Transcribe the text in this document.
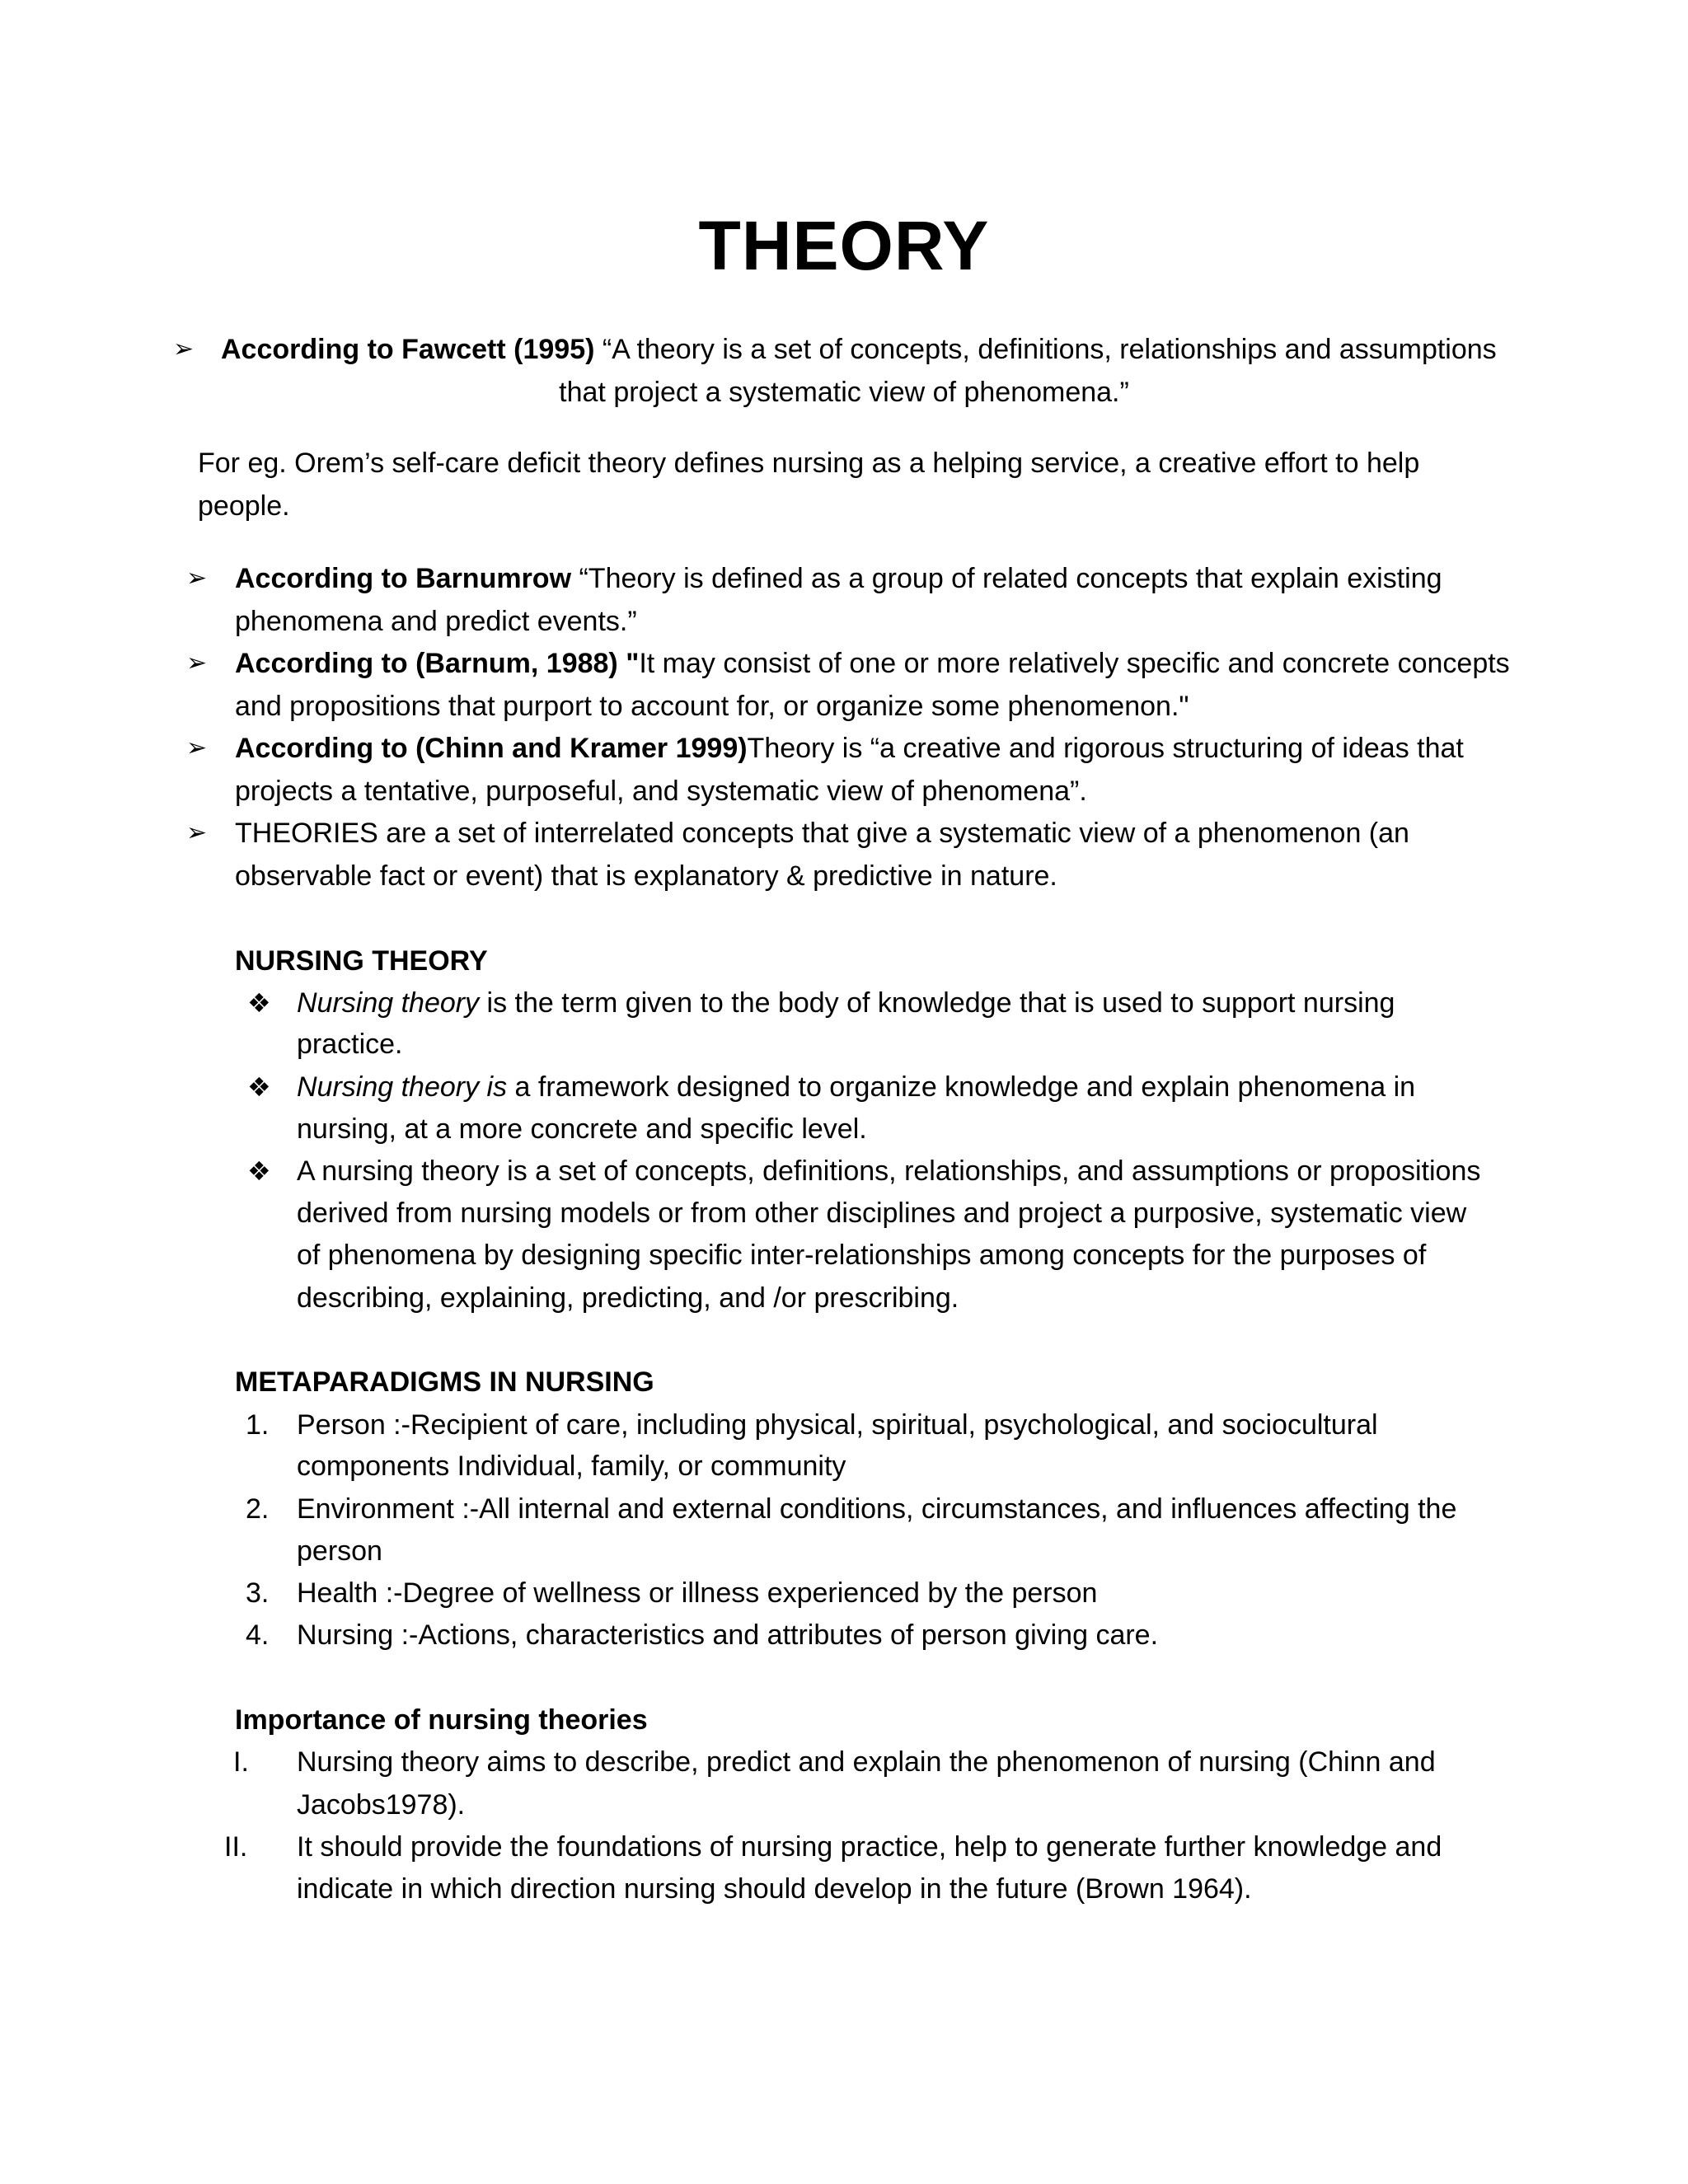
THEORY
➢ According to Fawcett (1995) “A theory is a set of concepts, definitions, relationships and assumptions
that project a systematic view of phenomena.”
For eg. Orem’s self-care deficit theory defines nursing as a helping service, a creative effort to help
people.
➢ According to Barnumrow “Theory is defined as a group of related concepts that explain existing
phenomena and predict events.”
➢ According to (Barnum, 1988) "It may consist of one or more relatively specific and concrete concepts
and propositions that purport to account for, or organize some phenomenon."
➢ According to (Chinn and Kramer 1999)Theory is “a creative and rigorous structuring of ideas that
projects a tentative, purposeful, and systematic view of phenomena”.
➢ THEORIES are a set of interrelated concepts that give a systematic view of a phenomenon (an
observable fact or event) that is explanatory & predictive in nature.
NURSING THEORY
❖ Nursing theory is the term given to the body of knowledge that is used to support nursing
practice.
❖ Nursing theory is a framework designed to organize knowledge and explain phenomena in
nursing, at a more concrete and specific level.
❖ A nursing theory is a set of concepts, definitions, relationships, and assumptions or propositions
derived from nursing models or from other disciplines and project a purposive, systematic view
of phenomena by designing specific inter-relationships among concepts for the purposes of
describing, explaining, predicting, and /or prescribing.
METAPARADIGMS IN NURSING
1. Person :-Recipient of care, including physical, spiritual, psychological, and sociocultural
components Individual, family, or community
2. Environment :-All internal and external conditions, circumstances, and influences affecting the
person
3. Health :-Degree of wellness or illness experienced by the person
4. Nursing :-Actions, characteristics and attributes of person giving care.
Importance of nursing theories
I. Nursing theory aims to describe, predict and explain the phenomenon of nursing (Chinn and
Jacobs1978).
II. It should provide the foundations of nursing practice, help to generate further knowledge and
indicate in which direction nursing should develop in the future (Brown 1964).
